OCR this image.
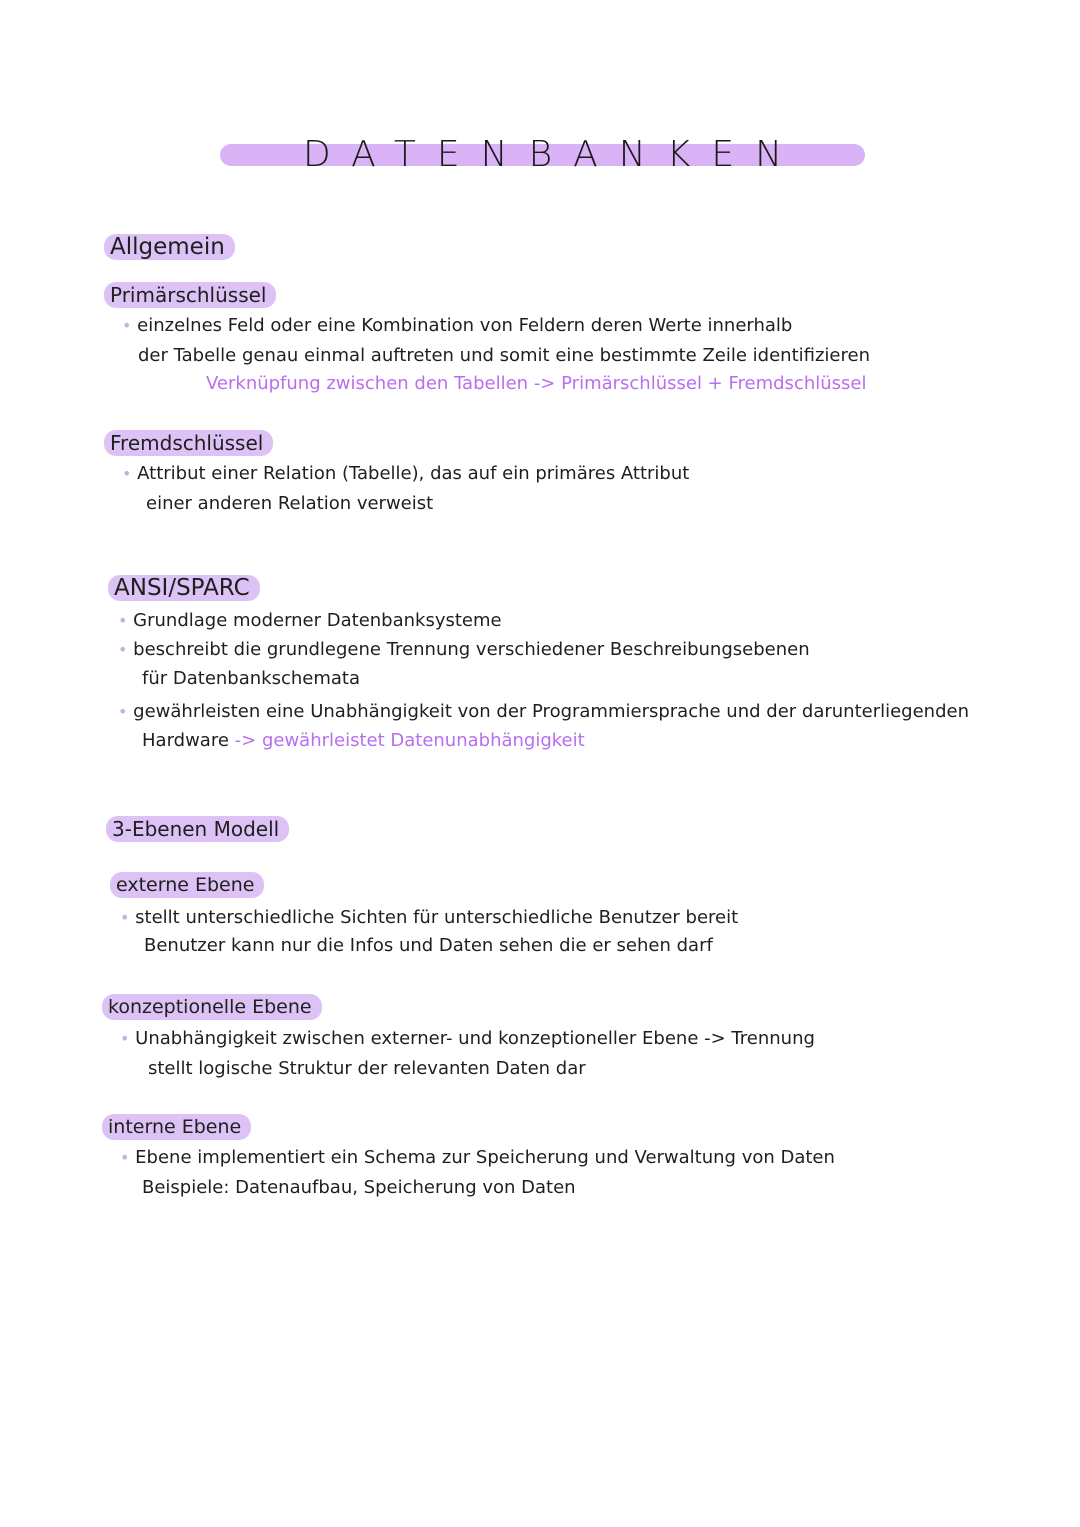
DATENBANKEN
Allgemein
Primärschlüssel
• einzelnes Feld oder eine Kombination von Feldern deren Werte innerhalb
der Tabelle genau einmal auftreten und somit eine bestimmte Zeile identifizieren
Verknüpfung zwischen den Tabellen -> Primärschlüssel + Fremdschlüssel
Fremdschlüssel
• Attribut einer Relation (Tabelle), das auf ein primäres Attribut
einer anderen Relation verweist
ANSI/SPARC
• Grundlage moderner Datenbanksysteme
• beschreibt die grundlegene Trennung verschiedener Beschreibungsebenen
für Datenbankschemata
• gewährleisten eine Unabhängigkeit von der Programmiersprache und der darunterliegenden
Hardware -> gewährleistet Datenunabhängigkeit
3-Ebenen Modell
externe Ebene
• stellt unterschiedliche Sichten für unterschiedliche Benutzer bereit
Benutzer kann nur die Infos und Daten sehen die er sehen darf
konzeptionelle Ebene
• Unabhängigkeit zwischen externer- und konzeptioneller Ebene -> Trennung
stellt logische Struktur der relevanten Daten dar
interne Ebene
• Ebene implementiert ein Schema zur Speicherung und Verwaltung von Daten
Beispiele: Datenaufbau, Speicherung von Daten
